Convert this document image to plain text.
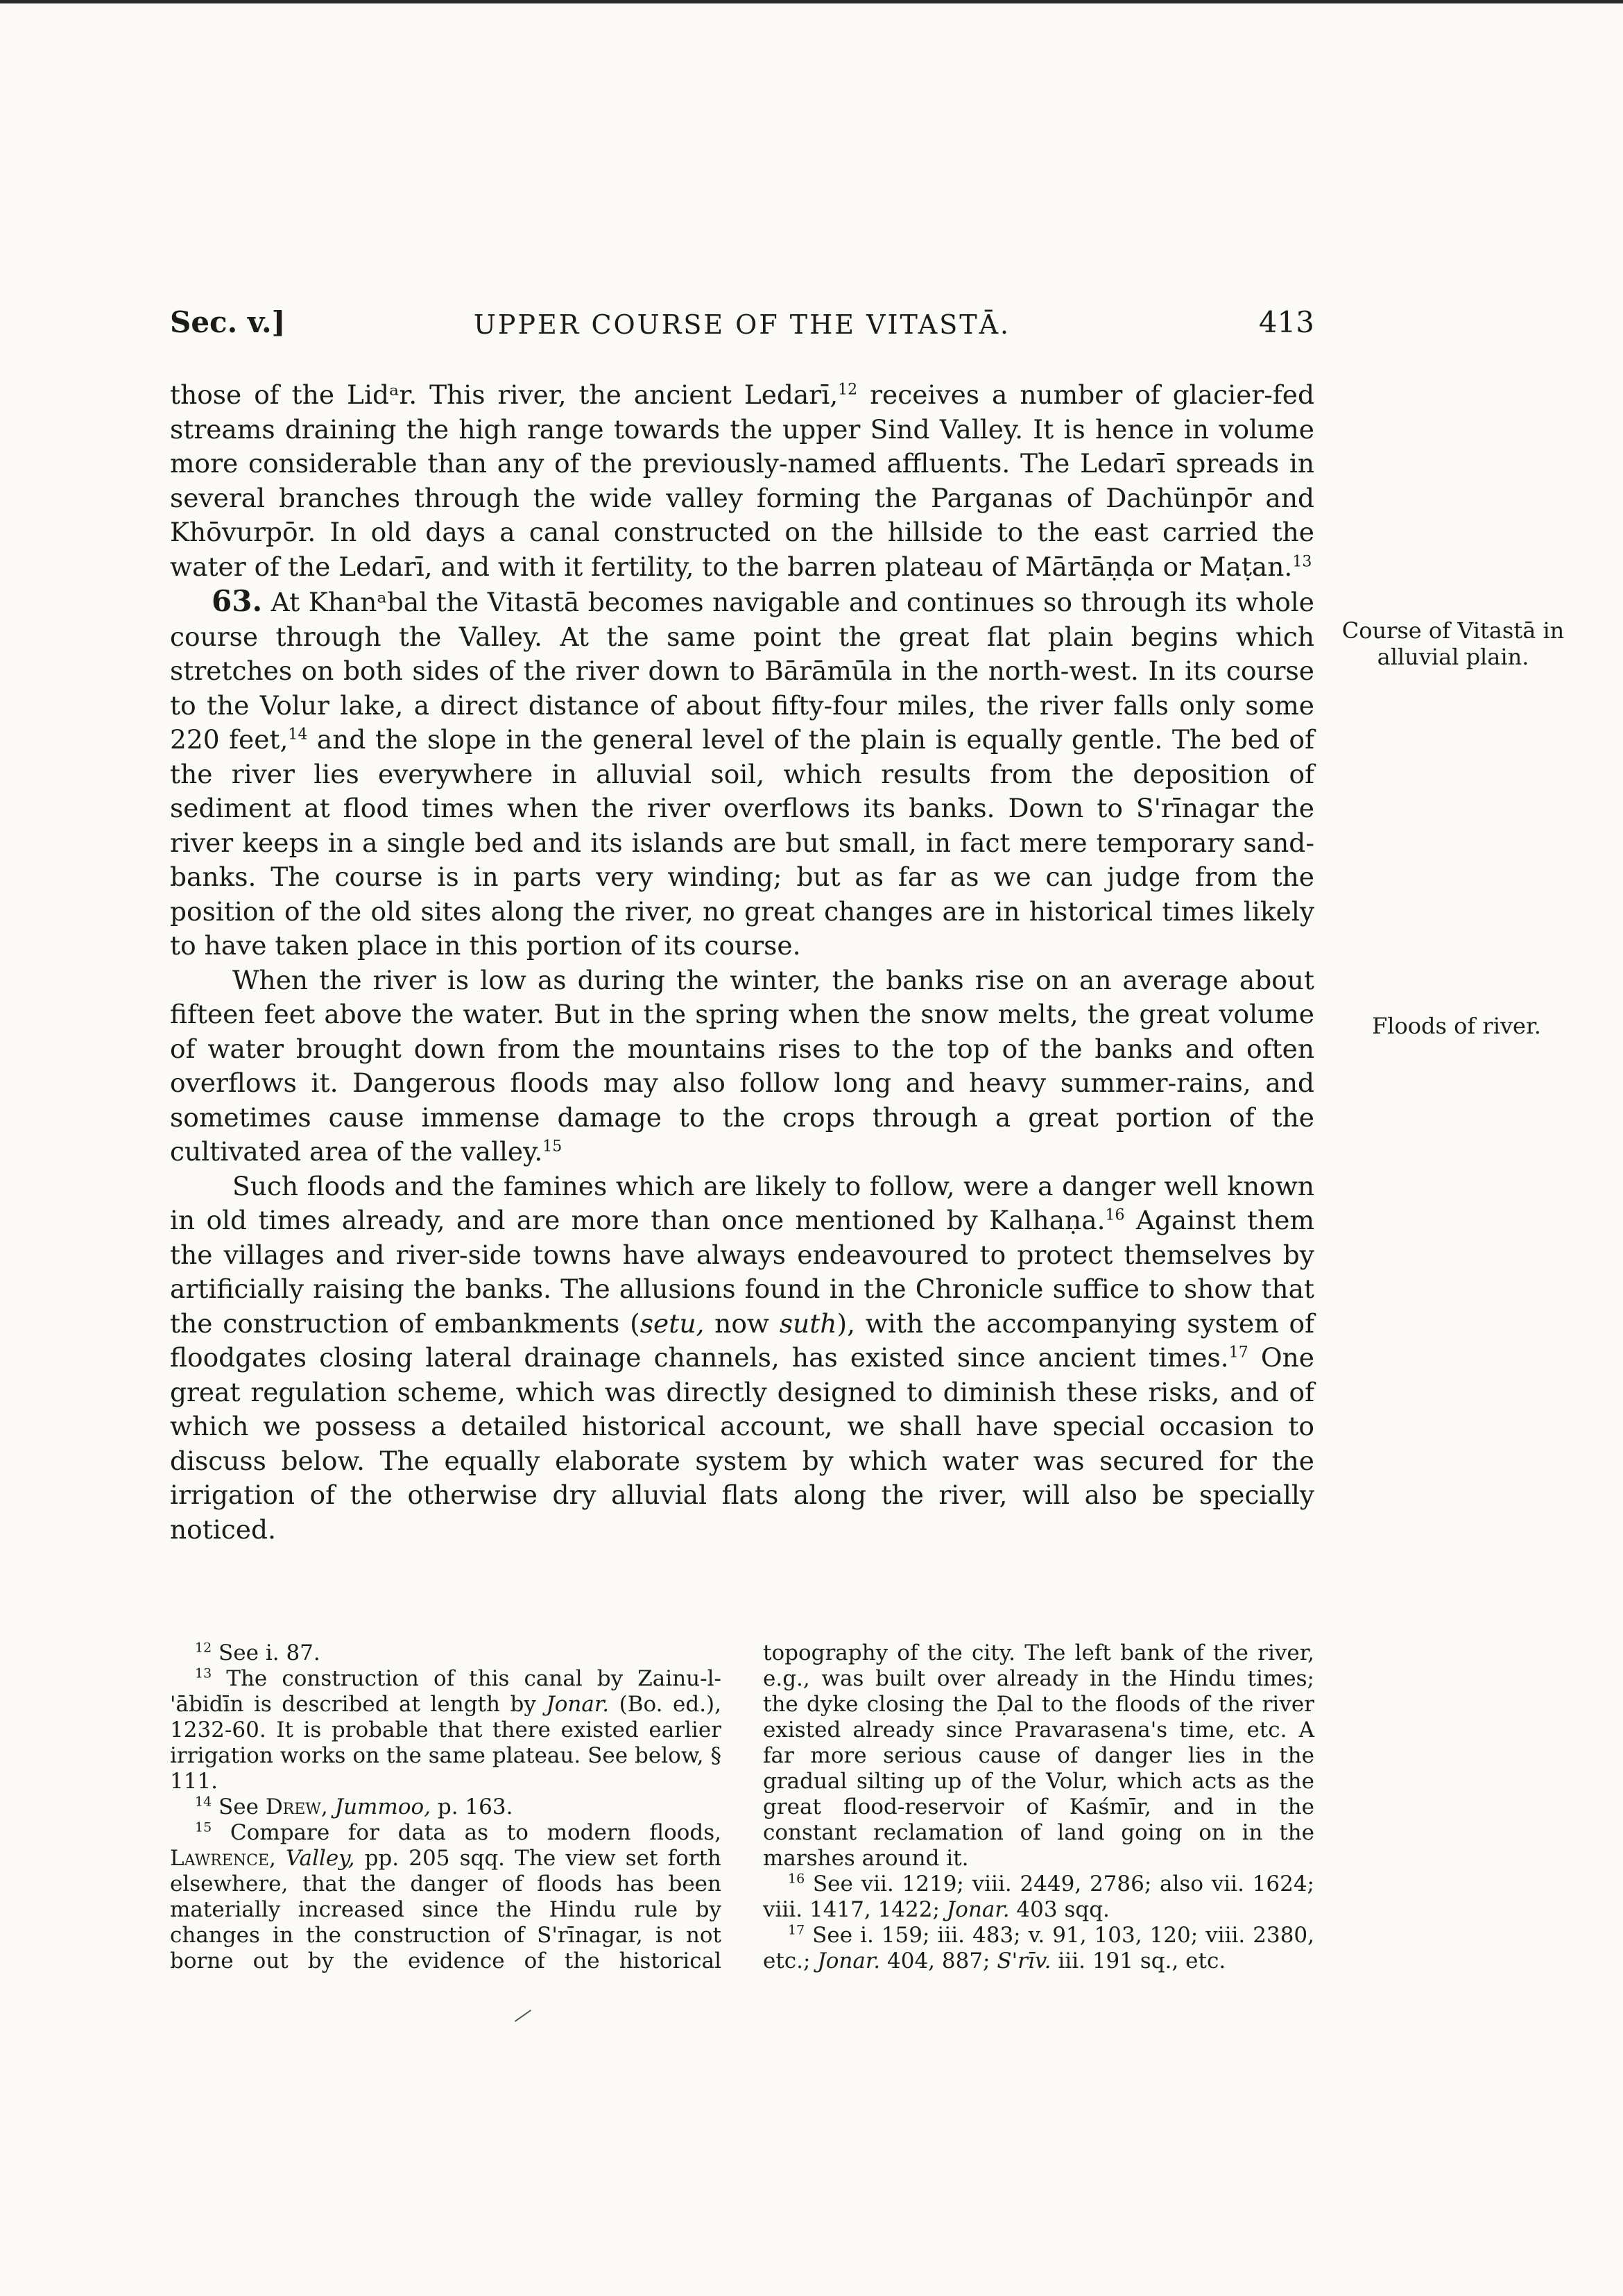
Sec. v.]	UPPER COURSE OF THE VITASTĀ.	413

those of the Lidᵃr. This river, the ancient Ledarī,$^{12}$ receives a number of glacier-fed streams draining the high range towards the upper Sind Valley. It is hence in volume more considerable than any of the previously-named affluents. The Ledarī spreads in several branches through the wide valley forming the Parganas of Dachünpōr and Khōvurpōr. In old days a canal constructed on the hillside to the east carried the water of the Ledarī, and with it fertility, to the barren plateau of Mārtāṇḍa or Maṭan.$^{13}$

63. At Khanᵃbal the Vitastā becomes navigable and continues so through its whole course through the Valley. At the same point the great flat plain begins which stretches on both sides of the river down to Bārāmūla in the north-west. In its course to the Volur lake, a direct distance of about fifty-four miles, the river falls only some 220 feet,$^{14}$ and the slope in the general level of the plain is equally gentle. The bed of the river lies everywhere in alluvial soil, which results from the deposition of sediment at flood times when the river overflows its banks. Down to S'rīnagar the river keeps in a single bed and its islands are but small, in fact mere temporary sand-banks. The course is in parts very winding; but as far as we can judge from the position of the old sites along the river, no great changes are in historical times likely to have taken place in this portion of its course.

When the river is low as during the winter, the banks rise on an average about fifteen feet above the water. But in the spring when the snow melts, the great volume of water brought down from the mountains rises to the top of the banks and often overflows it. Dangerous floods may also follow long and heavy summer-rains, and sometimes cause immense damage to the crops through a great portion of the cultivated area of the valley.$^{15}$

Such floods and the famines which are likely to follow, were a danger well known in old times already, and are more than once mentioned by Kalhaṇa.$^{16}$ Against them the villages and river-side towns have always endeavoured to protect themselves by artificially raising the banks. The allusions found in the Chronicle suffice to show that the construction of embankments (setu, now suth), with the accompanying system of floodgates closing lateral drainage channels, has existed since ancient times.$^{17}$ One great regulation scheme, which was directly designed to diminish these risks, and of which we possess a detailed historical account, we shall have special occasion to discuss below. The equally elaborate system by which water was secured for the irrigation of the otherwise dry alluvial flats along the river, will also be specially noticed.

Course of Vitastā in alluvial plain.
Floods of river.

$^{12}$ See i. 87.

$^{13}$ The construction of this canal by Zainu-l-'ābidīn is described at length by Jonar. (Bo. ed.), 1232-60. It is probable that there existed earlier irrigation works on the same plateau. See below, § 111.

$^{14}$ See Drew, Jummoo, p. 163.

$^{15}$ Compare for data as to modern floods, Lawrence, Valley, pp. 205 sqq. The view set forth elsewhere, that the danger of floods has been materially increased since the Hindu rule by changes in the construction of S'rīnagar, is not borne out by the evidence of the historical topography of the city. The left bank of the river, e.g., was built over already in the Hindu times; the dyke closing the Ḍal to the floods of the river existed already since Pravarasena's time, etc. A far more serious cause of danger lies in the gradual silting up of the Volur, which acts as the great flood-reservoir of Kaśmīr, and in the constant reclamation of land going on in the marshes around it.

$^{16}$ See vii. 1219; viii. 2449, 2786; also vii. 1624; viii. 1417, 1422; Jonar. 403 sqq.

$^{17}$ See i. 159; iii. 483; v. 91, 103, 120; viii. 2380, etc.; Jonar. 404, 887; S'rīv. iii. 191 sq., etc.
